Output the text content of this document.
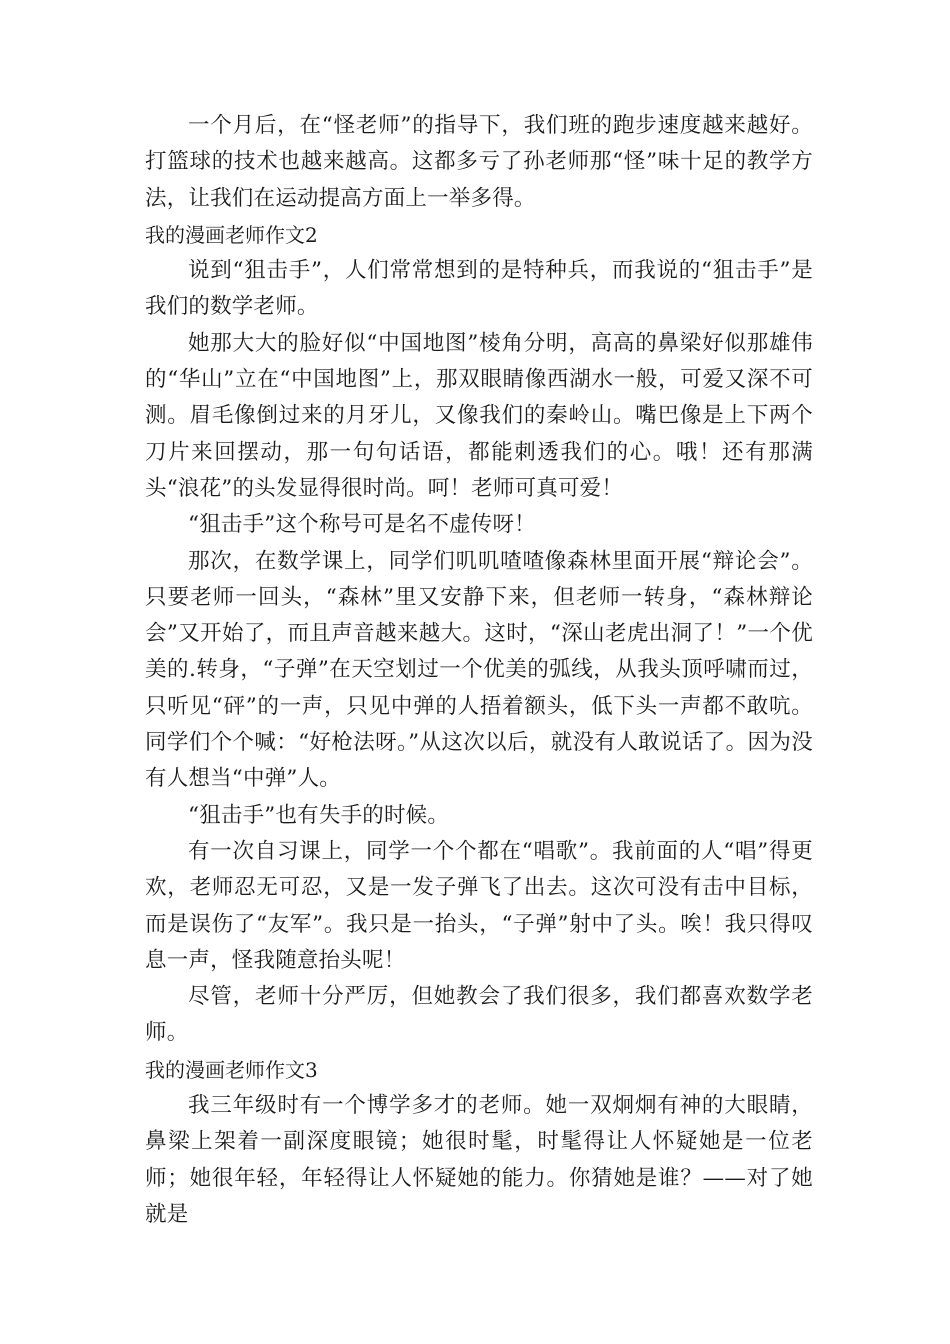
一个月后，在“怪老师”的指导下，我们班的跑步速度越来越好。打篮球的技术也越来越高。这都多亏了孙老师那“怪”味十足的教学方法，让我们在运动提高方面上一举多得。

我的漫画老师作文2

说到“狙击手”，人们常常想到的是特种兵，而我说的“狙击手”是我们的数学老师。

她那大大的脸好似“中国地图”棱角分明，高高的鼻梁好似那雄伟的“华山”立在“中国地图”上，那双眼睛像西湖水一般，可爱又深不可测。眉毛像倒过来的月牙儿，又像我们的秦岭山。嘴巴像是上下两个刀片来回摆动，那一句句话语，都能刺透我们的心。哦！还有那满头“浪花”的头发显得很时尚。呵！老师可真可爱！

“狙击手”这个称号可是名不虚传呀！

那次，在数学课上，同学们叽叽喳喳像森林里面开展“辩论会”。只要老师一回头，“森林”里又安静下来，但老师一转身，“森林辩论会”又开始了，而且声音越来越大。这时，“深山老虎出洞了！”一个优美的.转身，“子弹”在天空划过一个优美的弧线，从我头顶呼啸而过，只听见“砰”的一声，只见中弹的人捂着额头，低下头一声都不敢吭。同学们个个喊：“好枪法呀。”从这次以后，就没有人敢说话了。因为没有人想当“中弹”人。

“狙击手”也有失手的时候。

有一次自习课上，同学一个个都在“唱歌”。我前面的人“唱”得更欢，老师忍无可忍，又是一发子弹飞了出去。这次可没有击中目标，而是误伤了“友军”。我只是一抬头，“子弹”射中了头。唉！我只得叹息一声，怪我随意抬头呢！

尽管，老师十分严厉，但她教会了我们很多，我们都喜欢数学老师。

我的漫画老师作文3

我三年级时有一个博学多才的老师。她一双炯炯有神的大眼睛，鼻梁上架着一副深度眼镜；她很时髦，时髦得让人怀疑她是一位老师；她很年轻，年轻得让人怀疑她的能力。你猜她是谁？——对了她就是
